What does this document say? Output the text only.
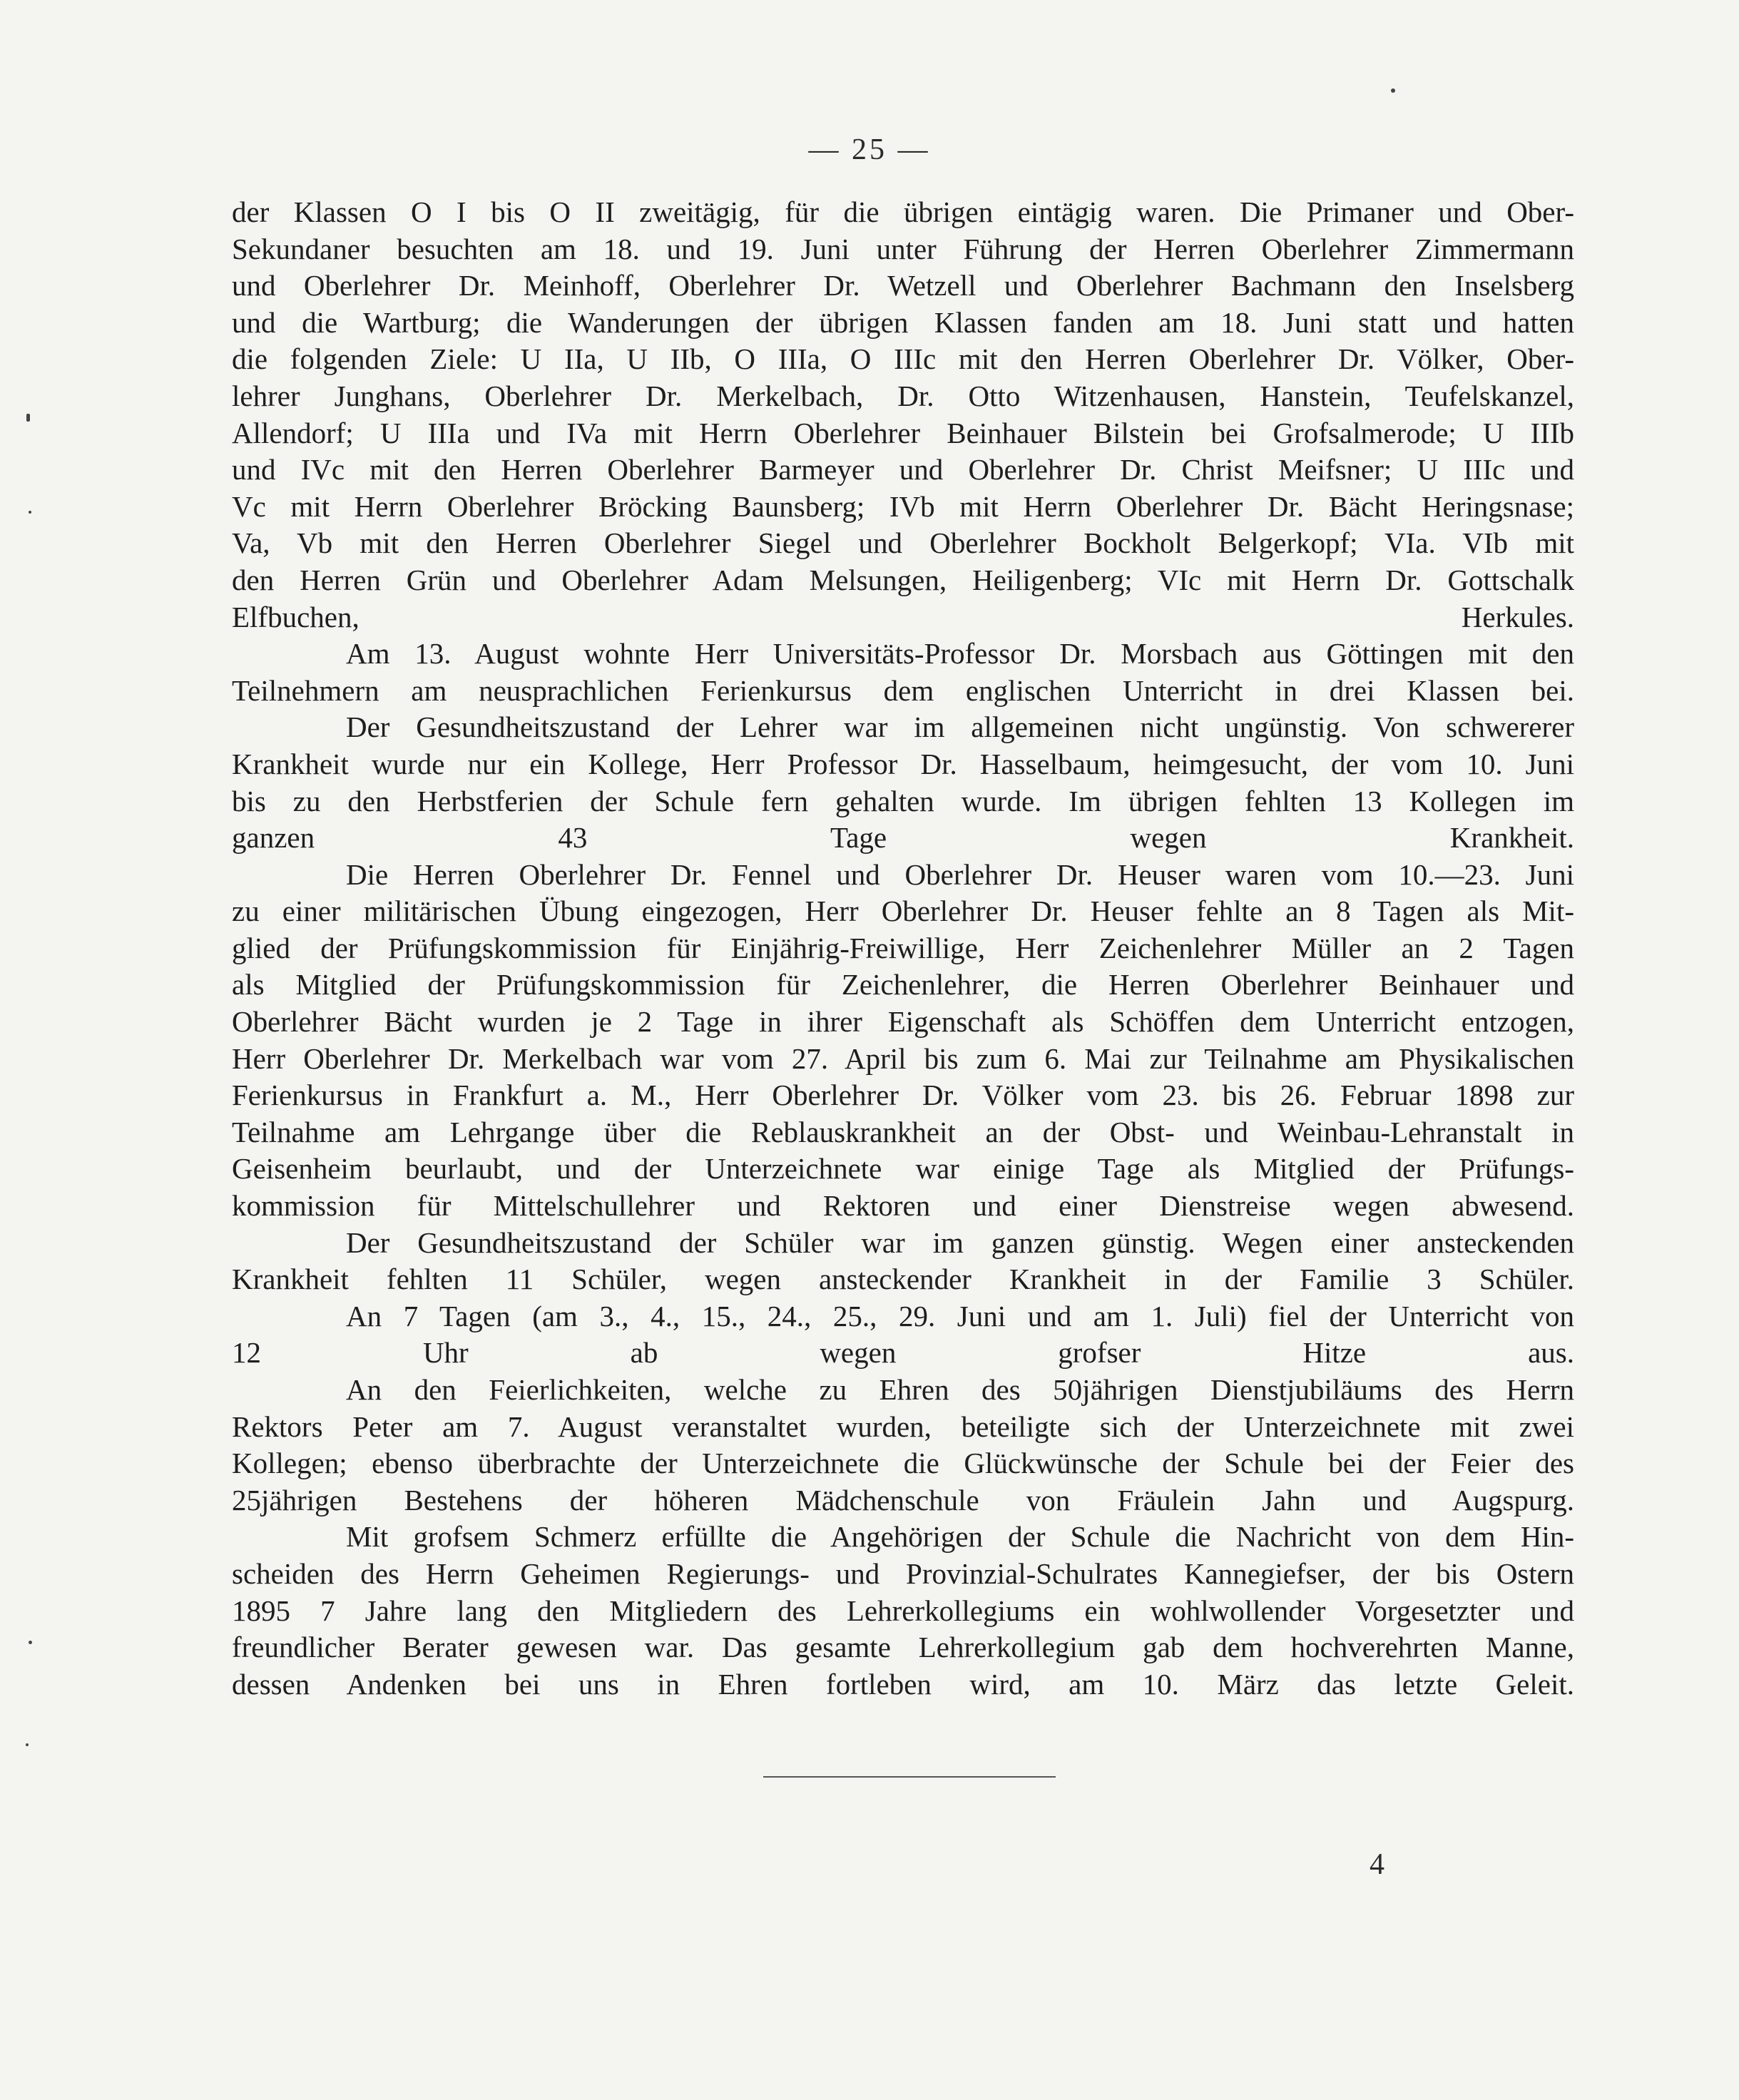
— 25 —

der Klassen O I bis O II zweitägig, für die übrigen eintägig waren. Die Primaner und Ober-
Sekundaner besuchten am 18. und 19. Juni unter Führung der Herren Oberlehrer Zimmermann
und Oberlehrer Dr. Meinhoff, Oberlehrer Dr. Wetzell und Oberlehrer Bachmann den Inselsberg
und die Wartburg; die Wanderungen der übrigen Klassen fanden am 18. Juni statt und hatten
die folgenden Ziele: U IIa, U IIb, O IIIa, O IIIc mit den Herren Oberlehrer Dr. Völker, Ober-
lehrer Junghans, Oberlehrer Dr. Merkelbach, Dr. Otto Witzenhausen, Hanstein, Teufelskanzel,
Allendorf; U IIIa und IVa mit Herrn Oberlehrer Beinhauer Bilstein bei Grofsalmerode; U IIIb
und IVc mit den Herren Oberlehrer Barmeyer und Oberlehrer Dr. Christ Meifsner; U IIIc und
Vc mit Herrn Oberlehrer Bröcking Baunsberg; IVb mit Herrn Oberlehrer Dr. Bächt Heringsnase;
Va, Vb mit den Herren Oberlehrer Siegel und Oberlehrer Bockholt Belgerkopf; VIa. VIb mit
den Herren Grün und Oberlehrer Adam Melsungen, Heiligenberg; VIc mit Herrn Dr. Gottschalk
Elfbuchen, Herkules.

Am 13. August wohnte Herr Universitäts-Professor Dr. Morsbach aus Göttingen mit den
Teilnehmern am neusprachlichen Ferienkursus dem englischen Unterricht in drei Klassen bei.

Der Gesundheitszustand der Lehrer war im allgemeinen nicht ungünstig. Von schwererer
Krankheit wurde nur ein Kollege, Herr Professor Dr. Hasselbaum, heimgesucht, der vom 10. Juni
bis zu den Herbstferien der Schule fern gehalten wurde. Im übrigen fehlten 13 Kollegen im
ganzen 43 Tage wegen Krankheit.

Die Herren Oberlehrer Dr. Fennel und Oberlehrer Dr. Heuser waren vom 10.—23. Juni
zu einer militärischen Übung eingezogen, Herr Oberlehrer Dr. Heuser fehlte an 8 Tagen als Mit-
glied der Prüfungskommission für Einjährig-Freiwillige, Herr Zeichenlehrer Müller an 2 Tagen
als Mitglied der Prüfungskommission für Zeichenlehrer, die Herren Oberlehrer Beinhauer und
Oberlehrer Bächt wurden je 2 Tage in ihrer Eigenschaft als Schöffen dem Unterricht entzogen,
Herr Oberlehrer Dr. Merkelbach war vom 27. April bis zum 6. Mai zur Teilnahme am Physikalischen
Ferienkursus in Frankfurt a. M., Herr Oberlehrer Dr. Völker vom 23. bis 26. Februar 1898 zur
Teilnahme am Lehrgange über die Reblauskrankheit an der Obst- und Weinbau-Lehranstalt in
Geisenheim beurlaubt, und der Unterzeichnete war einige Tage als Mitglied der Prüfungs-
kommission für Mittelschullehrer und Rektoren und einer Dienstreise wegen abwesend.

Der Gesundheitszustand der Schüler war im ganzen günstig. Wegen einer ansteckenden
Krankheit fehlten 11 Schüler, wegen ansteckender Krankheit in der Familie 3 Schüler.

An 7 Tagen (am 3., 4., 15., 24., 25., 29. Juni und am 1. Juli) fiel der Unterricht von
12 Uhr ab wegen grofser Hitze aus.

An den Feierlichkeiten, welche zu Ehren des 50jährigen Dienstjubiläums des Herrn
Rektors Peter am 7. August veranstaltet wurden, beteiligte sich der Unterzeichnete mit zwei
Kollegen; ebenso überbrachte der Unterzeichnete die Glückwünsche der Schule bei der Feier des
25jährigen Bestehens der höheren Mädchenschule von Fräulein Jahn und Augspurg.

Mit grofsem Schmerz erfüllte die Angehörigen der Schule die Nachricht von dem Hin-
scheiden des Herrn Geheimen Regierungs- und Provinzial-Schulrates Kannegiefser, der bis Ostern
1895 7 Jahre lang den Mitgliedern des Lehrerkollegiums ein wohlwollender Vorgesetzter und
freundlicher Berater gewesen war. Das gesamte Lehrerkollegium gab dem hochverehrten Manne,
dessen Andenken bei uns in Ehren fortleben wird, am 10. März das letzte Geleit.

4
